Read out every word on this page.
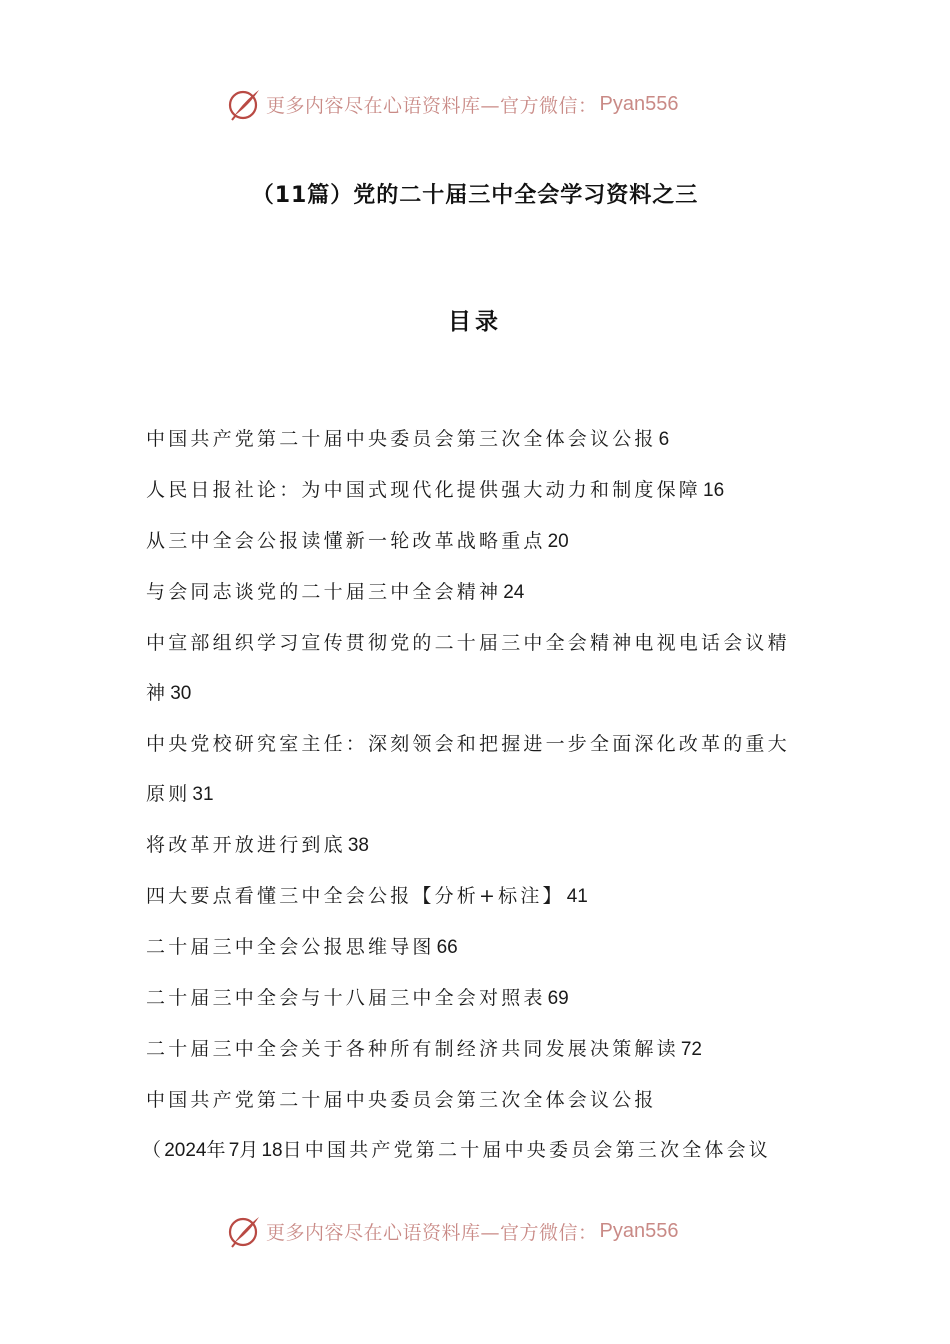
更多内容尽在心语资料库—官方微信： Pyan556
（11篇）党的二十届三中全会学习资料之三
目录
中国共产党第二十届中央委员会第三次全体会议公报 6
人民日报社论：为中国式现代化提供强大动力和制度保障 16
从三中全会公报读懂新一轮改革战略重点 20
与会同志谈党的二十届三中全会精神 24
中宣部组织学习宣传贯彻党的二十届三中全会精神电视电话会议精神 30
中央党校研究室主任：深刻领会和把握进一步全面深化改革的重大原则 31
将改革开放进行到底 38
四大要点看懂三中全会公报【分析+标注】 41
二十届三中全会公报思维导图 66
二十届三中全会与十八届三中全会对照表 69
二十届三中全会关于各种所有制经济共同发展决策解读 72
中国共产党第二十届中央委员会第三次全体会议公报
（2024年7月18日中国共产党第二十届中央委员会第三次全体会议
更多内容尽在心语资料库—官方微信： Pyan556
